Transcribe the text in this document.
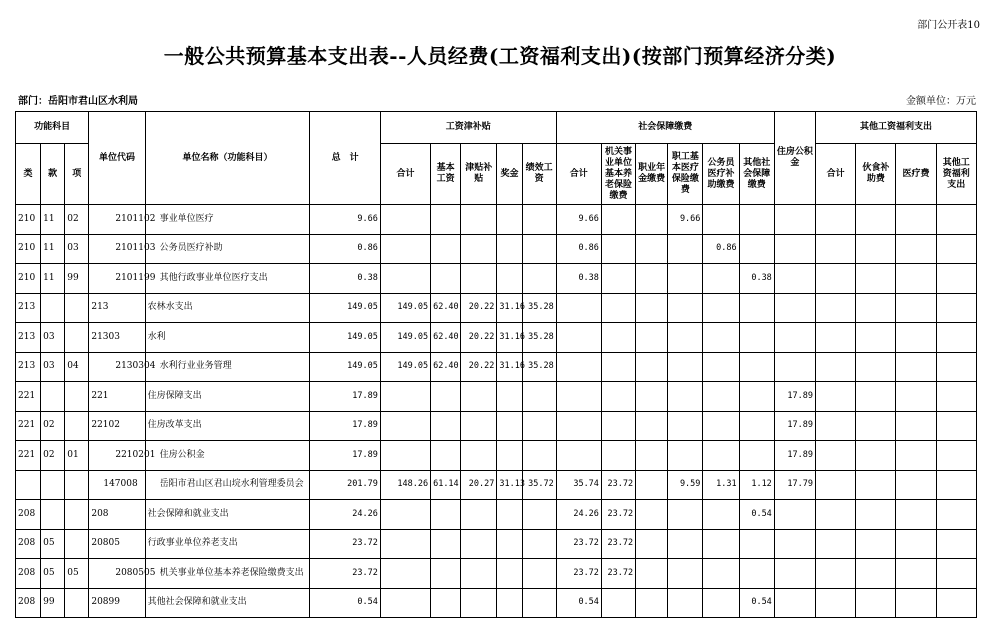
部门公开表10
一般公共预算基本支出表--人员经费(工资福利支出)(按部门预算经济分类)
部门：岳阳市君山区水利局	金额单位：万元
功能科目			单位代码	单位名称（功能科目）	总　计	工资津补贴					社会保障缴费						住房公积金	其他工资福利支出			
类	款	项				合计	基本工资	津贴补贴	奖金	绩效工资	合计	机关事业单位基本养老保险缴费	职业年金缴费	职工基本医疗保险缴费	公务员医疗补助缴费	其他社会保障缴费		合计	伙食补助费	医疗费	其他工资福利支出
210	11	02	2101102	事业单位医疗	9.66						9.66			9.66							
210	11	03	2101103	公务员医疗补助	0.86						0.86				0.86						
210	11	99	2101199	其他行政事业单位医疗支出	0.38						0.38					0.38					
213			213	农林水支出	149.05	149.05	62.40	20.22	31.16	35.28											
213	03		21303	水利	149.05	149.05	62.40	20.22	31.16	35.28											
213	03	04	2130304	水利行业业务管理	149.05	149.05	62.40	20.22	31.16	35.28											
221			221	住房保障支出	17.89												17.89				
221	02		22102	住房改革支出	17.89												17.89				
221	02	01	2210201	住房公积金	17.89												17.89				
			147008	岳阳市君山区君山垸水利管理委员会	201.79	148.26	61.14	20.27	31.13	35.72	35.74	23.72		9.59	1.31	1.12	17.79				
208			208	社会保障和就业支出	24.26						24.26	23.72				0.54					
208	05		20805	行政事业单位养老支出	23.72						23.72	23.72									
208	05	05	2080505	机关事业单位基本养老保险缴费支出	23.72						23.72	23.72									
208	99		20899	其他社会保障和就业支出	0.54						0.54					0.54					
